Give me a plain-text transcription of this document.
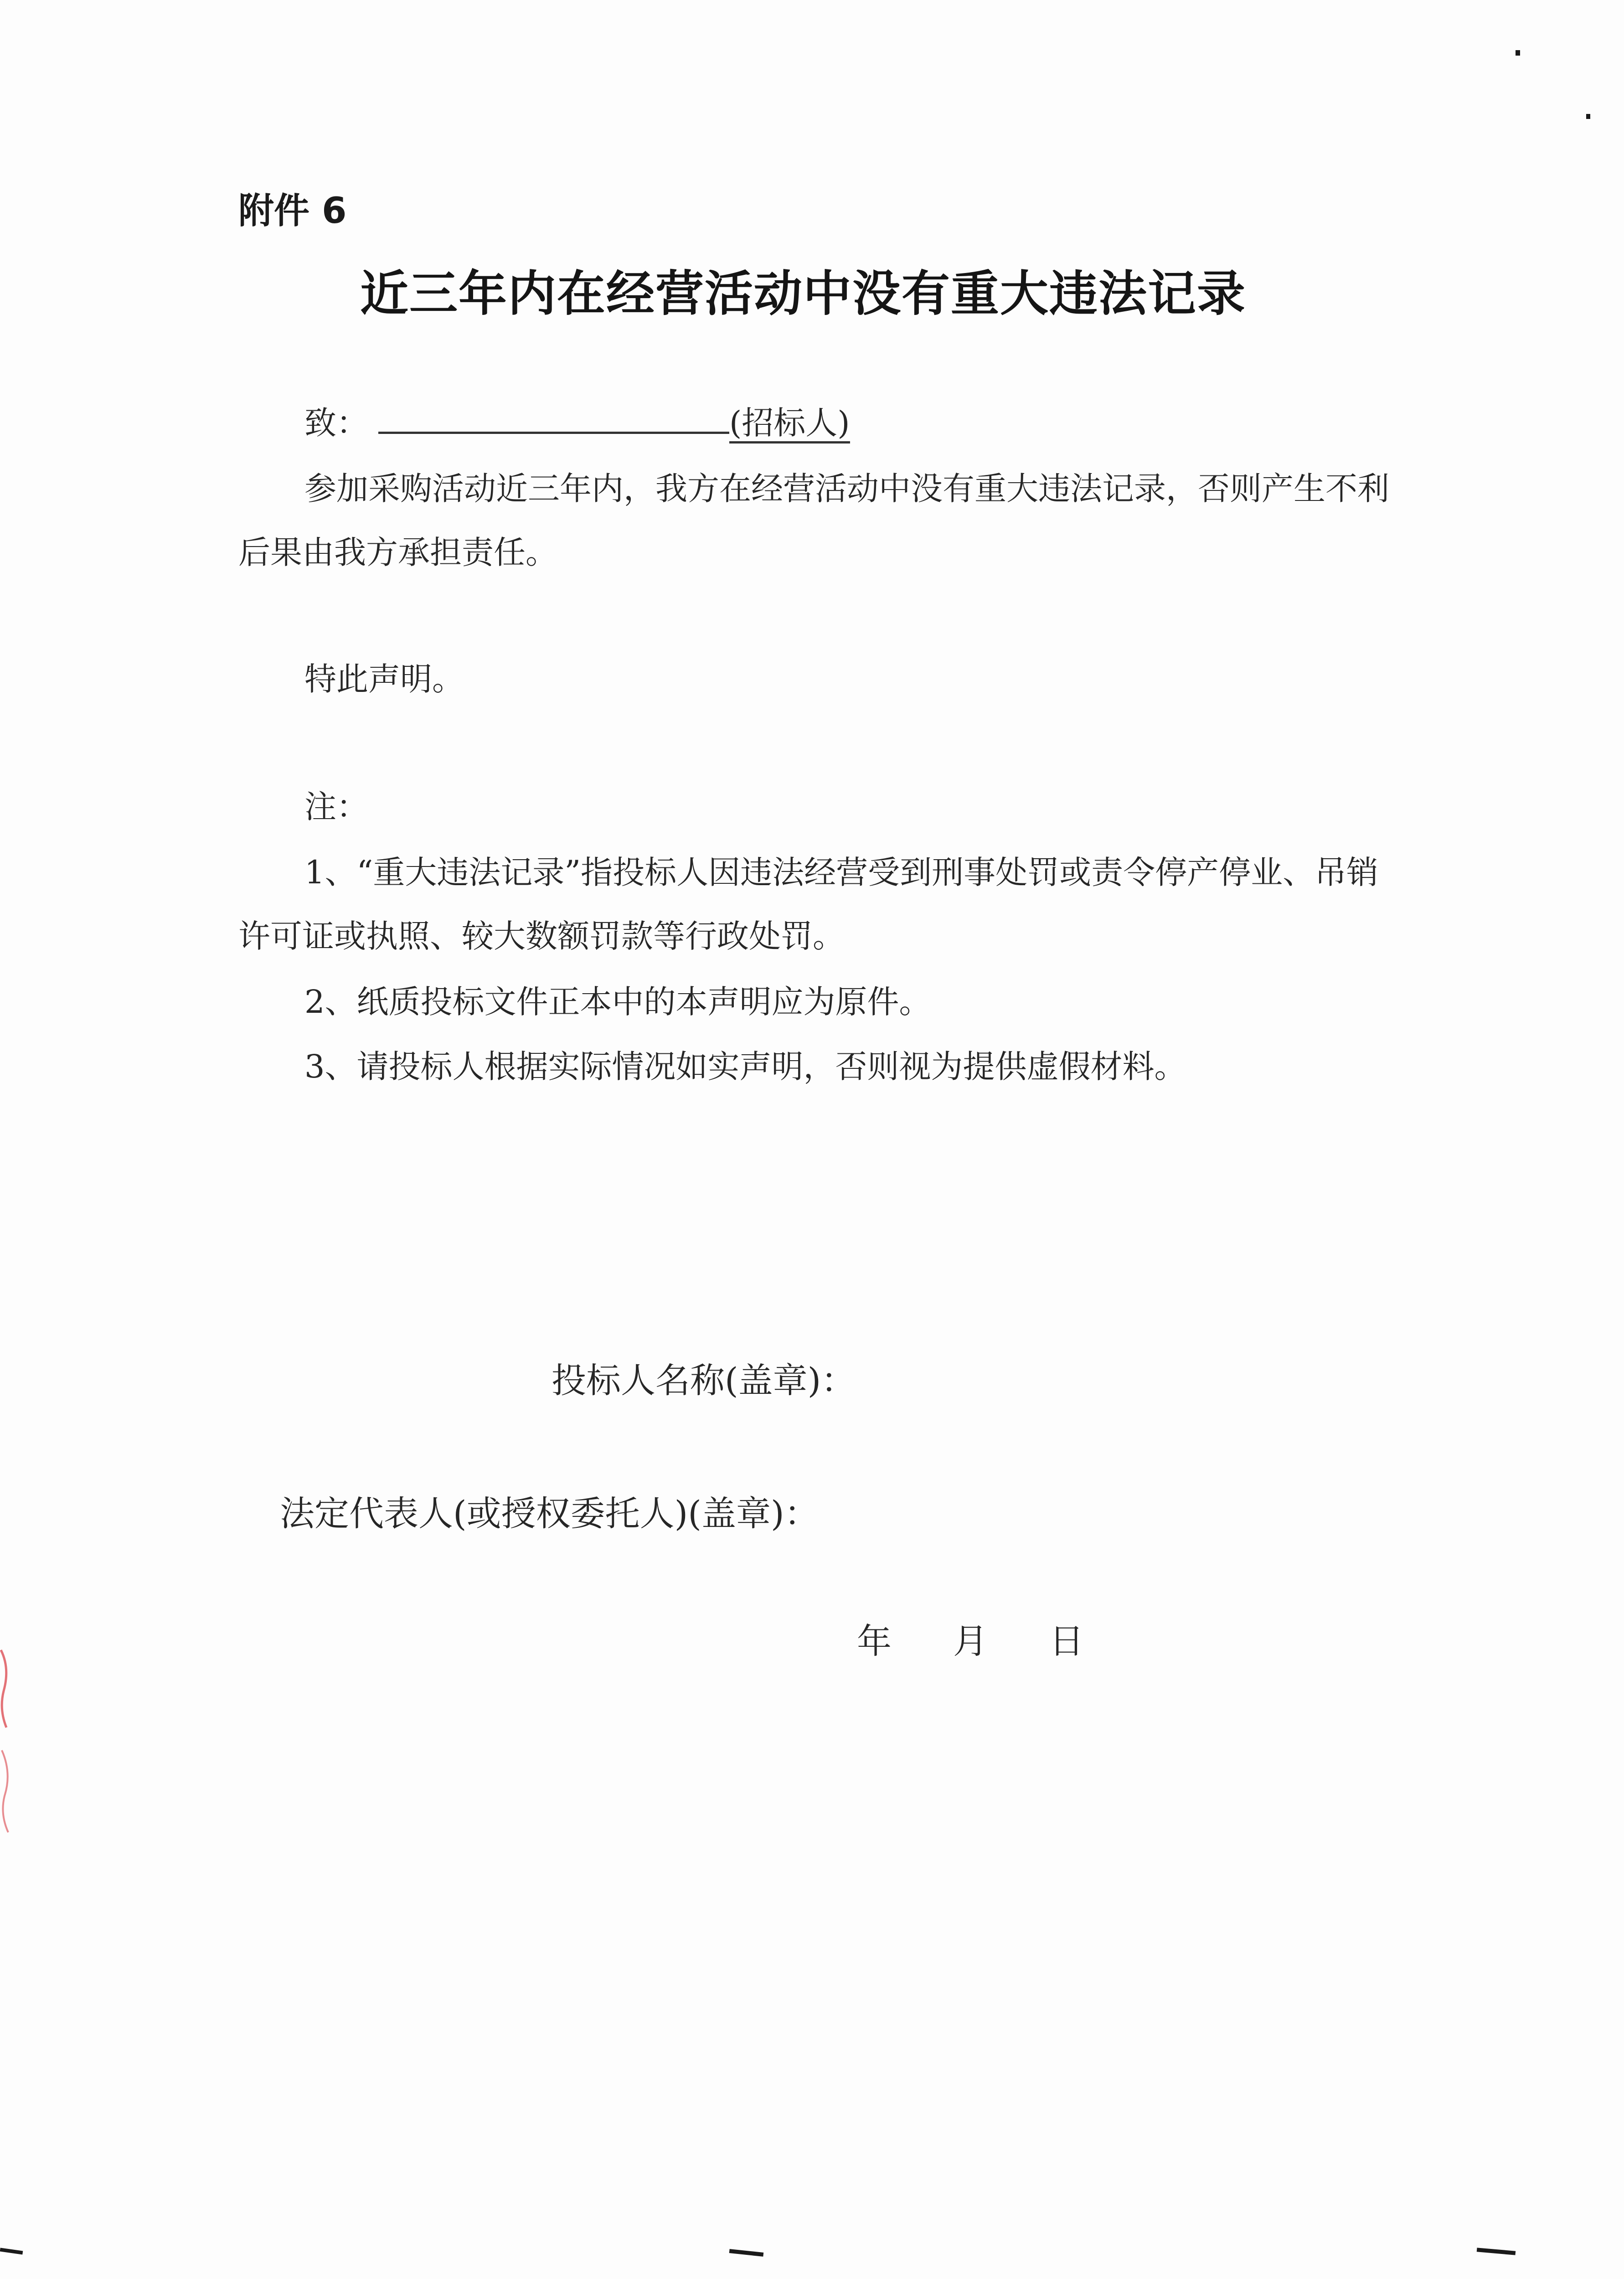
附件 6
近三年内在经营活动中没有重大违法记录
致：	(招标人)
参加采购活动近三年内，我方在经营活动中没有重大违法记录，否则产生不利后果由我方承担责任。
特此声明。
注：
1、“重大违法记录”指投标人因违法经营受到刑事处罚或责令停产停业、吊销许可证或执照、较大数额罚款等行政处罚。
2、纸质投标文件正本中的本声明应为原件。
3、请投标人根据实际情况如实声明，否则视为提供虚假材料。
投标人名称(盖章)：
法定代表人(或授权委托人)(盖章)：
年 月 日
